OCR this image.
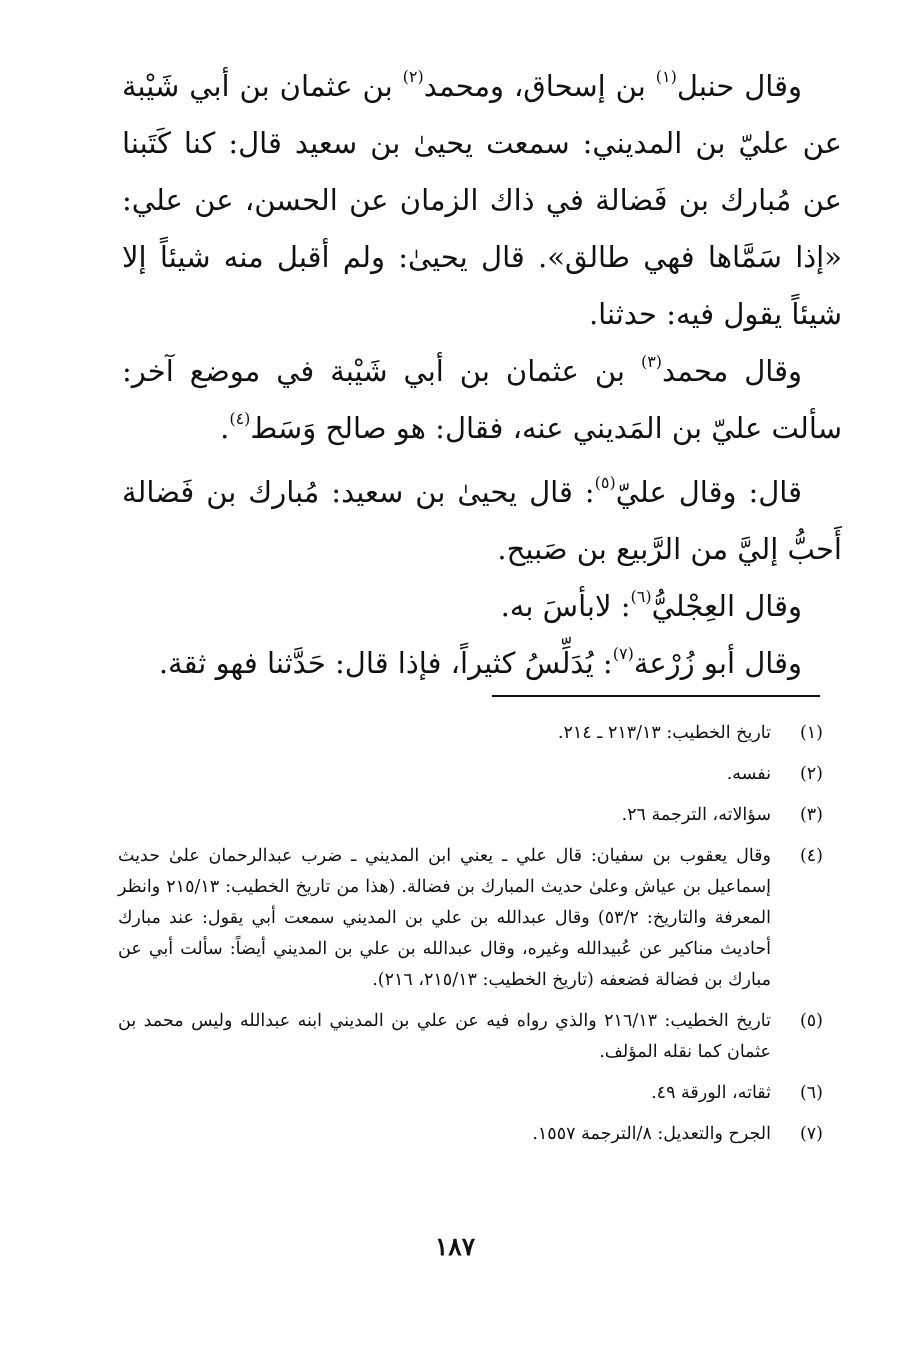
وقال حنبل$^{(١)}$ بن إسحاق، ومحمد$^{(٢)}$ بن عثمان بن أبي شَيْبة عن عليّ بن المديني: سمعت يحيىٰ بن سعيد قال: كنا كَتَبنا عن مُبارك بن فَضالة في ذاك الزمان عن الحسن، عن علي: «إذا سَمَّاها فهي طالق». قال يحيىٰ: ولم أقبل منه شيئاً إلا شيئاً يقول فيه: حدثنا.

وقال محمد$^{(٣)}$ بن عثمان بن أبي شَيْبة في موضع آخر: سألت عليّ بن المَديني عنه، فقال: هو صالح وَسَط$^{(٤)}$.

قال: وقال عليّ$^{(٥)}$: قال يحيىٰ بن سعيد: مُبارك بن فَضالة أَحبُّ إليَّ من الرَّبيع بن صَبيح.

وقال العِجْليُّ$^{(٦)}$: لابأسَ به.

وقال أبو زُرْعة$^{(٧)}$: يُدَلِّسُ كثيراً، فإذا قال: حَدَّثنا فهو ثقة.

(١)
تاريخ الخطيب: ٢١٣/١٣ ـ ٢١٤.
(٢)
نفسه.
(٣)
سؤالاته، الترجمة ٢٦.
(٤)
وقال يعقوب بن سفيان: قال علي ـ يعني ابن المديني ـ ضرب عبدالرحمان علىٰ حديث إسماعيل بن عياش وعلىٰ حديث المبارك بن فضالة. (هذا من تاريخ الخطيب: ٢١٥/١٣ وانظر المعرفة والتاريخ: ٥٣/٢) وقال عبدالله بن علي بن المديني سمعت أبي يقول: عند مبارك أحاديث مناكير عن عُبيدالله وغيره، وقال عبدالله بن علي بن المديني أيضاً: سألت أبي عن مبارك بن فضالة فضعفه (تاريخ الخطيب: ٢١٥/١٣، ٢١٦).
(٥)
تاريخ الخطيب: ٢١٦/١٣ والذي رواه فيه عن علي بن المديني ابنه عبدالله وليس محمد بن عثمان كما نقله المؤلف.
(٦)
ثقاته، الورقة ٤٩.
(٧)
الجرح والتعديل: ٨/الترجمة ١٥٥٧.
١٨٧
